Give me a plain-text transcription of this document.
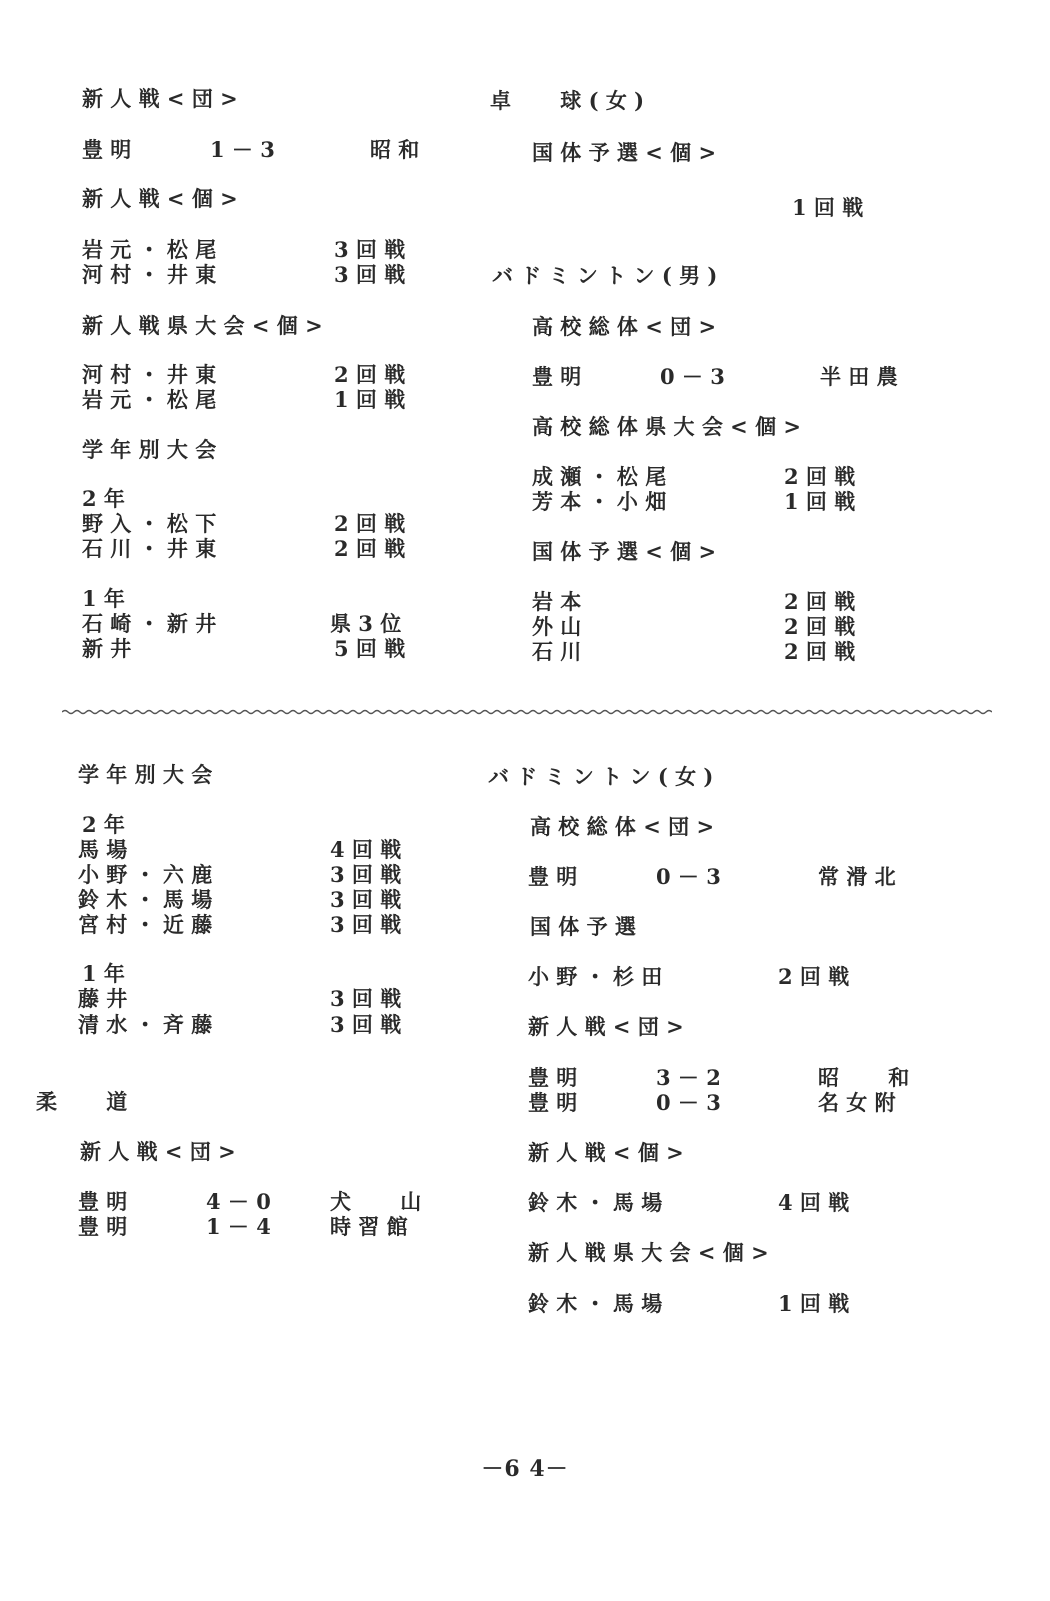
新 人 戦 < 団 >
豊 明	1 － 3	昭 和
新 人 戦 < 個 >
岩 元 ・ 松 尾	3 回 戦
河 村 ・ 井 東	3 回 戦
新 人 戦 県 大 会 < 個 >
河 村 ・ 井 東	2 回 戦
岩 元 ・ 松 尾	1 回 戦
学 年 別 大 会
2 年
野 入 ・ 松 下	2 回 戦
石 川 ・ 井 東	2 回 戦
1 年
石 崎 ・ 新 井	県 3 位
新 井	5 回 戦
卓　　 球 ( 女 )
国 体 予 選 < 個 >
1 回 戦
バ ド ミ ン ト ン ( 男 )
高 校 総 体 < 団 >
豊 明	0 － 3	半 田 農
高 校 総 体 県 大 会 < 個 >
成 瀬 ・ 松 尾	2 回 戦
芳 本 ・ 小 畑	1 回 戦
国 体 予 選 < 個 >
岩 本	2 回 戦
外 山	2 回 戦
石 川	2 回 戦
学 年 別 大 会
2 年
馬 場	4 回 戦
小 野 ・ 六 鹿	3 回 戦
鈴 木 ・ 馬 場	3 回 戦
宮 村 ・ 近 藤	3 回 戦
1 年
藤 井	3 回 戦
清 水 ・ 斉 藤	3 回 戦
柔　　 道
新 人 戦 < 団 >
豊 明	4 － 0	犬　　 山
豊 明	1 － 4	時 習 館
バ ド ミ ン ト ン ( 女 )
高 校 総 体 < 団 >
豊 明	0 － 3	常 滑 北
国 体 予 選
小 野 ・ 杉 田	2 回 戦
新 人 戦 < 団 >
豊 明	3 － 2	昭　　 和
豊 明	0 － 3	名 女 附
新 人 戦 < 個 >
鈴 木 ・ 馬 場	4 回 戦
新 人 戦 県 大 会 < 個 >
鈴 木 ・ 馬 場	1 回 戦
－6 4－
